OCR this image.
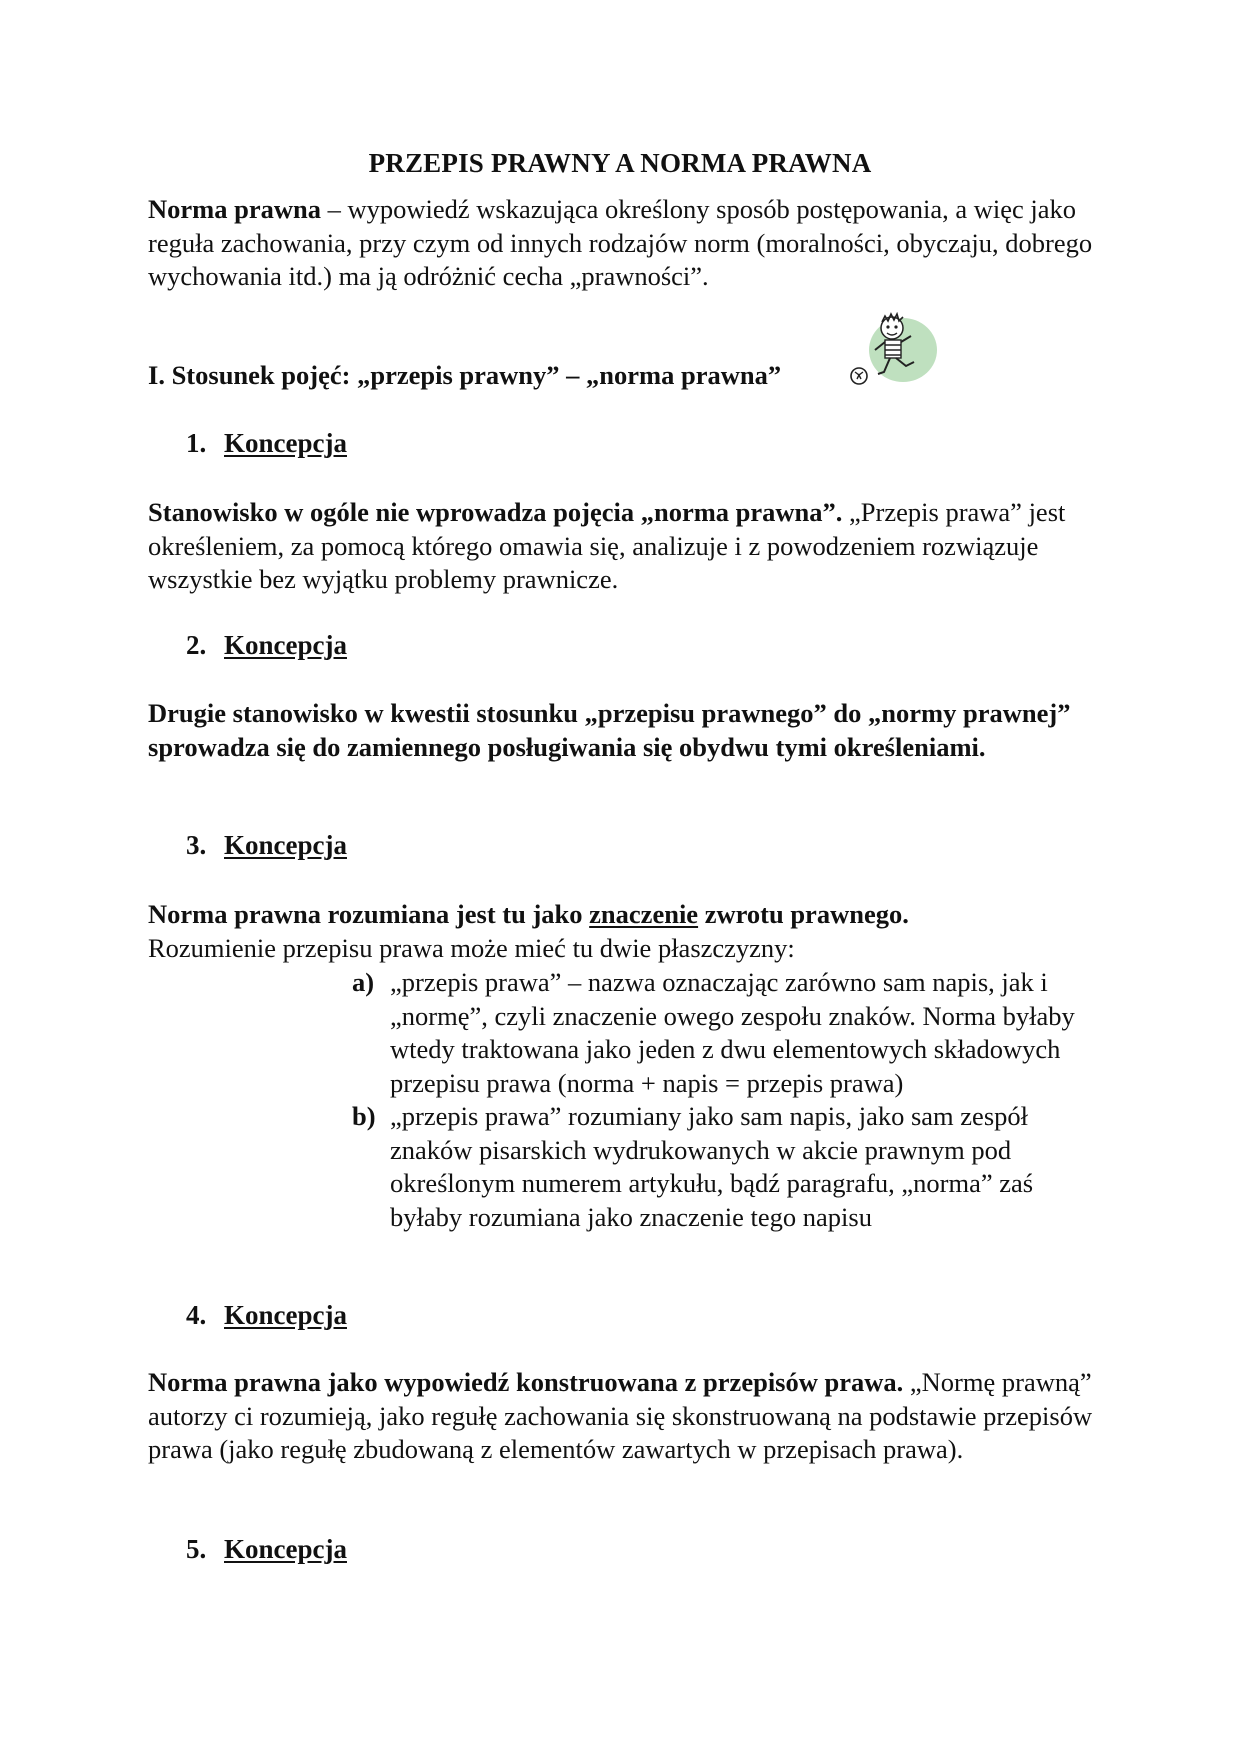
PRZEPIS PRAWNY A NORMA PRAWNA

Norma prawna – wypowiedź wskazująca określony sposób postępowania, a więc jako reguła zachowania, przy czym od innych rodzajów norm (moralności, obyczaju, dobrego wychowania itd.) ma ją odróżnić cecha „prawności”.

I. Stosunek pojęć: „przepis prawny” – „norma prawna”
1. Koncepcja

Stanowisko w ogóle nie wprowadza pojęcia „norma prawna”. „Przepis prawa” jest określeniem, za pomocą którego omawia się, analizuje i z powodzeniem rozwiązuje wszystkie bez wyjątku problemy prawnicze.

2. Koncepcja

Drugie stanowisko w kwestii stosunku „przepisu prawnego” do „normy prawnej” sprowadza się do zamiennego posługiwania się obydwu tymi określeniami.

3. Koncepcja

Norma prawna rozumiana jest tu jako znaczenie zwrotu prawnego.
Rozumienie przepisu prawa może mieć tu dwie płaszczyzny:

a) „przepis prawa” – nazwa oznaczając zarówno sam napis, jak i „normę”, czyli znaczenie owego zespołu znaków. Norma byłaby wtedy traktowana jako jeden z dwu elementowych składowych przepisu prawa (norma + napis = przepis prawa)
b) „przepis prawa” rozumiany jako sam napis, jako sam zespół znaków pisarskich wydrukowanych w akcie prawnym pod określonym numerem artykułu, bądź paragrafu, „norma” zaś byłaby rozumiana jako znaczenie tego napisu
4. Koncepcja

Norma prawna jako wypowiedź konstruowana z przepisów prawa. „Normę prawną” autorzy ci rozumieją, jako regułę zachowania się skonstruowaną na podstawie przepisów prawa (jako regułę zbudowaną z elementów zawartych w przepisach prawa).

5. Koncepcja
